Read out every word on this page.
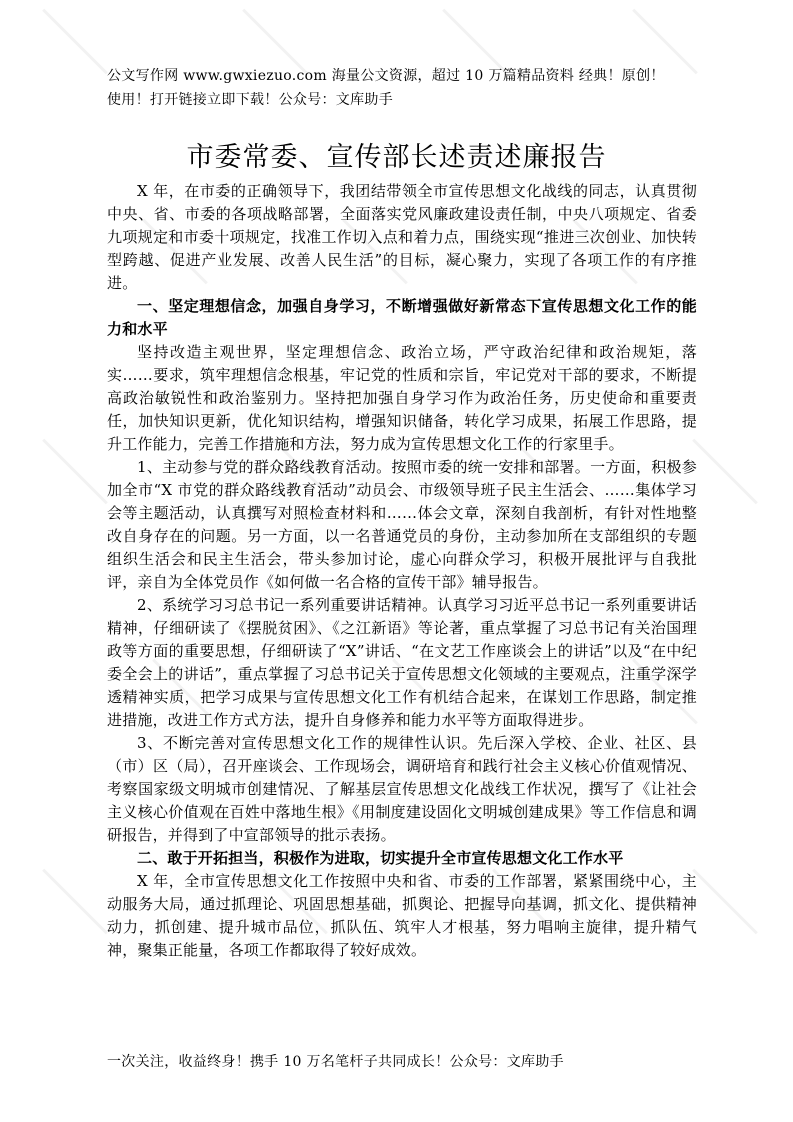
公文写作网 www.gwxiezuo.com 海量公文资源，超过 10 万篇精品资料 经典！原创！
使用！打开链接立即下载！公众号：文库助手
市委常委、宣传部长述责述廉报告

X 年，在市委的正确领导下，我团结带领全市宣传思想文化战线的同志，认真贯彻中央、省、市委的各项战略部署，全面落实党风廉政建设责任制，中央八项规定、省委九项规定和市委十项规定，找准工作切入点和着力点，围绕实现“推进三次创业、加快转型跨越、促进产业发展、改善人民生活”的目标，凝心聚力，实现了各项工作的有序推进。

一、坚定理想信念，加强自身学习，不断增强做好新常态下宣传思想文化工作的能力和水平

坚持改造主观世界，坚定理想信念、政治立场，严守政治纪律和政治规矩，落实……要求，筑牢理想信念根基，牢记党的性质和宗旨，牢记党对干部的要求，不断提高政治敏锐性和政治鉴别力。坚持把加强自身学习作为政治任务，历史使命和重要责任，加快知识更新，优化知识结构，增强知识储备，转化学习成果，拓展工作思路，提升工作能力，完善工作措施和方法，努力成为宣传思想文化工作的行家里手。

1、主动参与党的群众路线教育活动。按照市委的统一安排和部署。一方面，积极参加全市“X 市党的群众路线教育活动”动员会、市级领导班子民主生活会、……集体学习会等主题活动，认真撰写对照检查材料和……体会文章，深刻自我剖析，有针对性地整改自身存在的问题。另一方面，以一名普通党员的身份，主动参加所在支部组织的专题组织生活会和民主生活会，带头参加讨论，虚心向群众学习，积极开展批评与自我批评，亲自为全体党员作《如何做一名合格的宣传干部》辅导报告。

2、系统学习习总书记一系列重要讲话精神。认真学习习近平总书记一系列重要讲话精神，仔细研读了《摆脱贫困》、《之江新语》等论著，重点掌握了习总书记有关治国理政等方面的重要思想，仔细研读了“X”讲话、“在文艺工作座谈会上的讲话”以及“在中纪委全会上的讲话”，重点掌握了习总书记关于宣传思想文化领域的主要观点，注重学深学透精神实质，把学习成果与宣传思想文化工作有机结合起来，在谋划工作思路，制定推进措施，改进工作方式方法，提升自身修养和能力水平等方面取得进步。

3、不断完善对宣传思想文化工作的规律性认识。先后深入学校、企业、社区、县（市）区（局），召开座谈会、工作现场会，调研培育和践行社会主义核心价值观情况、考察国家级文明城市创建情况、了解基层宣传思想文化战线工作状况，撰写了《让社会主义核心价值观在百姓中落地生根》《用制度建设固化文明城创建成果》等工作信息和调研报告，并得到了中宣部领导的批示表扬。

二、敢于开拓担当，积极作为进取，切实提升全市宣传思想文化工作水平

X 年，全市宣传思想文化工作按照中央和省、市委的工作部署，紧紧围绕中心，主动服务大局，通过抓理论、巩固思想基础，抓舆论、把握导向基调，抓文化、提供精神动力，抓创建、提升城市品位，抓队伍、筑牢人才根基，努力唱响主旋律，提升精气神，聚集正能量，各项工作都取得了较好成效。

一次关注，收益终身！携手 10 万名笔杆子共同成长！公众号：文库助手
